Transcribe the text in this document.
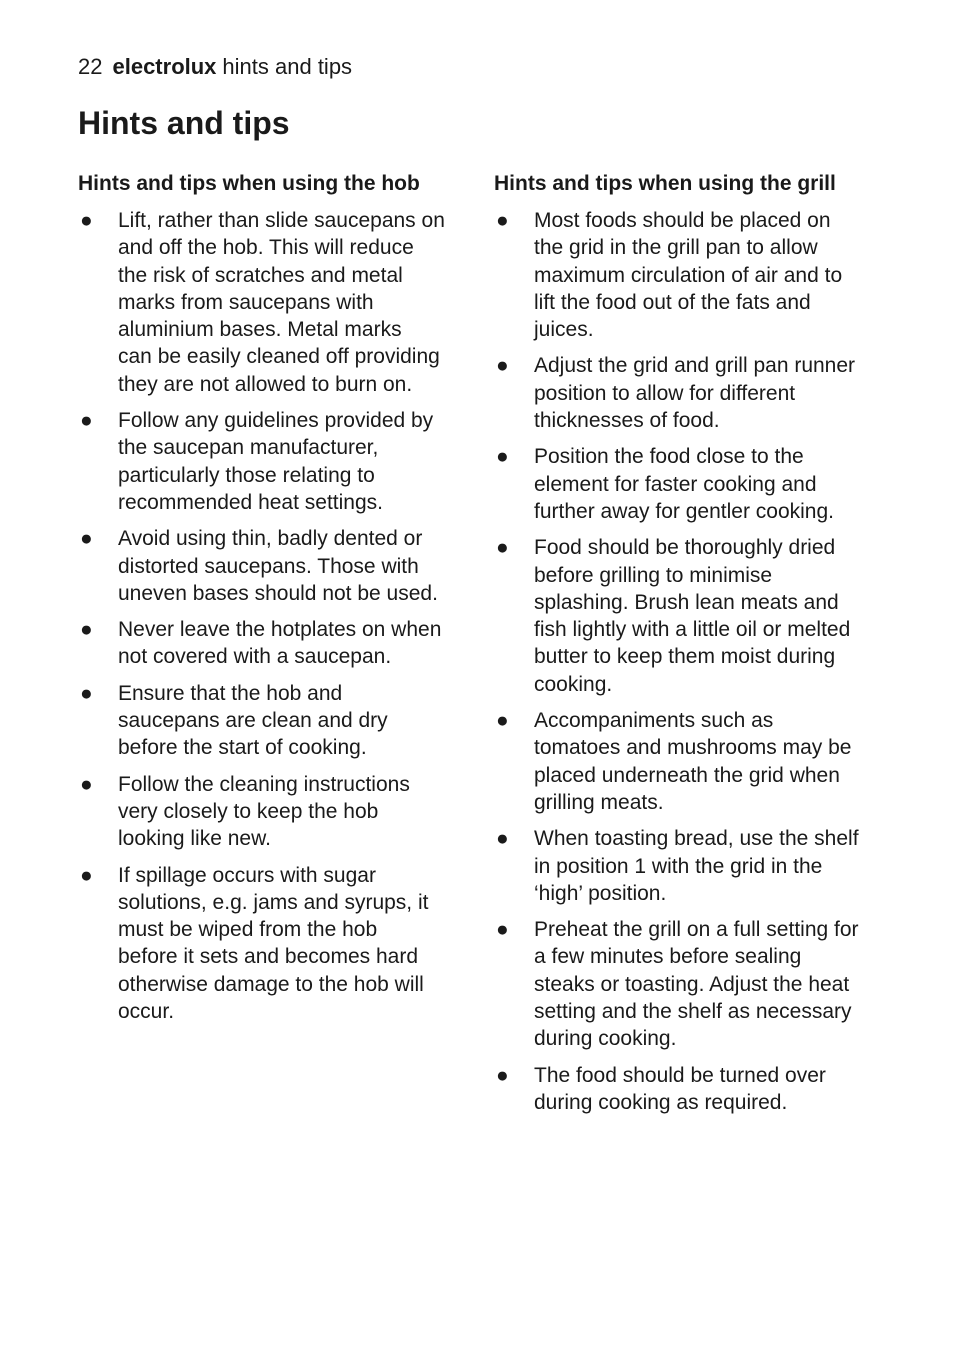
22 electrolux hints and tips
Hints and tips
Hints and tips when using the hob
● Lift, rather than slide saucepans on
and off the hob. This will reduce
the risk of scratches and metal
marks from saucepans with
aluminium bases. Metal marks
can be easily cleaned off providing
they are not allowed to burn on.
● Follow any guidelines provided by
the saucepan manufacturer,
particularly those relating to
recommended heat settings.
● Avoid using thin, badly dented or
distorted saucepans. Those with
uneven bases should not be used.
● Never leave the hotplates on when
not covered with a saucepan.
● Ensure that the hob and
saucepans are clean and dry
before the start of cooking.
● Follow the cleaning instructions
very closely to keep the hob
looking like new.
● If spillage occurs with sugar
solutions, e.g. jams and syrups, it
must be wiped from the hob
before it sets and becomes hard
otherwise damage to the hob will
occur.
Hints and tips when using the grill
● Most foods should be placed on
the grid in the grill pan to allow
maximum circulation of air and to
lift the food out of the fats and
juices.
● Adjust the grid and grill pan runner
position to allow for different
thicknesses of food.
● Position the food close to the
element for faster cooking and
further away for gentler cooking.
● Food should be thoroughly dried
before grilling to minimise
splashing. Brush lean meats and
fish lightly with a little oil or melted
butter to keep them moist during
cooking.
● Accompaniments such as
tomatoes and mushrooms may be
placed underneath the grid when
grilling meats.
● When toasting bread, use the shelf
in position 1 with the grid in the
‘high’ position.
● Preheat the grill on a full setting for
a few minutes before sealing
steaks or toasting. Adjust the heat
setting and the shelf as necessary
during cooking.
● The food should be turned over
during cooking as required.
